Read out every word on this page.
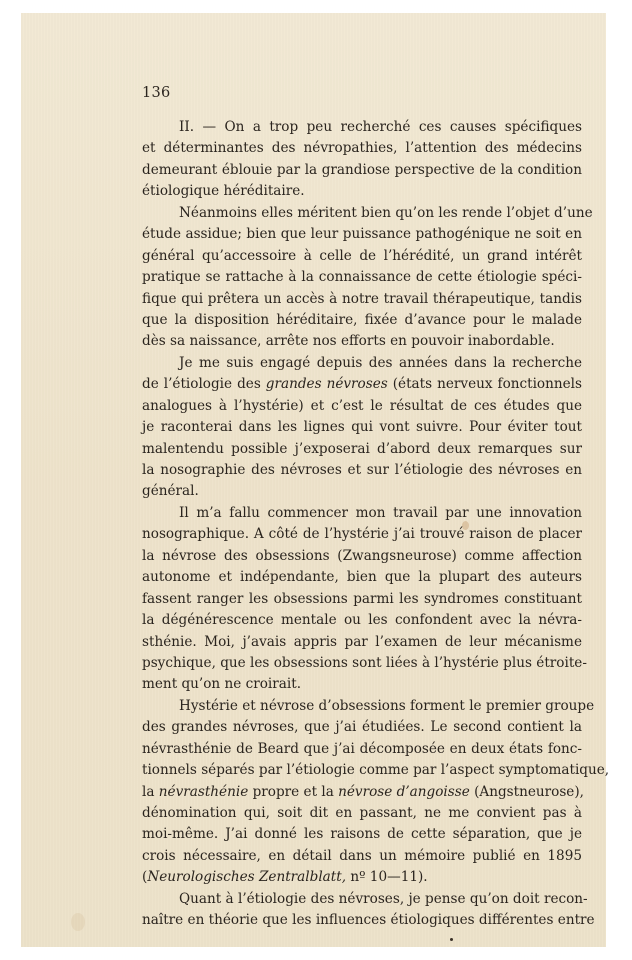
136
II. — On a trop peu recherché ces causes spécifiques
et déterminantes des névropathies, l’attention des médecins
demeurant éblouie par la grandiose perspective de la condition
étiologique héréditaire.
Néanmoins elles méritent bien qu’on les rende l’objet d’une
étude assidue; bien que leur puissance pathogénique ne soit en
général qu’accessoire à celle de l’hérédité, un grand intérêt
pratique se rattache à la connaissance de cette étiologie spéci-
fique qui prêtera un accès à notre travail thérapeutique, tandis
que la disposition héréditaire, fixée d’avance pour le malade
dès sa naissance, arrête nos efforts en pouvoir inabordable.
Je me suis engagé depuis des années dans la recherche
de l’étiologie des grandes névroses (états nerveux fonctionnels
analogues à l’hystérie) et c’est le résultat de ces études que
je raconterai dans les lignes qui vont suivre. Pour éviter tout
malentendu possible j’exposerai d’abord deux remarques sur
la nosographie des névroses et sur l’étiologie des névroses en
général.
Il m’a fallu commencer mon travail par une innovation
nosographique. A côté de l’hystérie j’ai trouvé raison de placer
la névrose des obsessions (Zwangsneurose) comme affection
autonome et indépendante, bien que la plupart des auteurs
fassent ranger les obsessions parmi les syndromes constituant
la dégénérescence mentale ou les confondent avec la névra-
sthénie. Moi, j’avais appris par l’examen de leur mécanisme
psychique, que les obsessions sont liées à l’hystérie plus étroite-
ment qu’on ne croirait.
Hystérie et névrose d’obsessions forment le premier groupe
des grandes névroses, que j’ai étudiées. Le second contient la
névrasthénie de Beard que j’ai décomposée en deux états fonc-
tionnels séparés par l’étiologie comme par l’aspect symptomatique,
la névrasthénie propre et la névrose d’angoisse (Angstneurose),
dénomination qui, soit dit en passant, ne me convient pas à
moi-même. J’ai donné les raisons de cette séparation, que je
crois nécessaire, en détail dans un mémoire publié en 1895
(Neurologisches Zentralblatt, nº 10—11).
Quant à l’étiologie des névroses, je pense qu’on doit recon-
naître en théorie que les influences étiologiques différentes entre
